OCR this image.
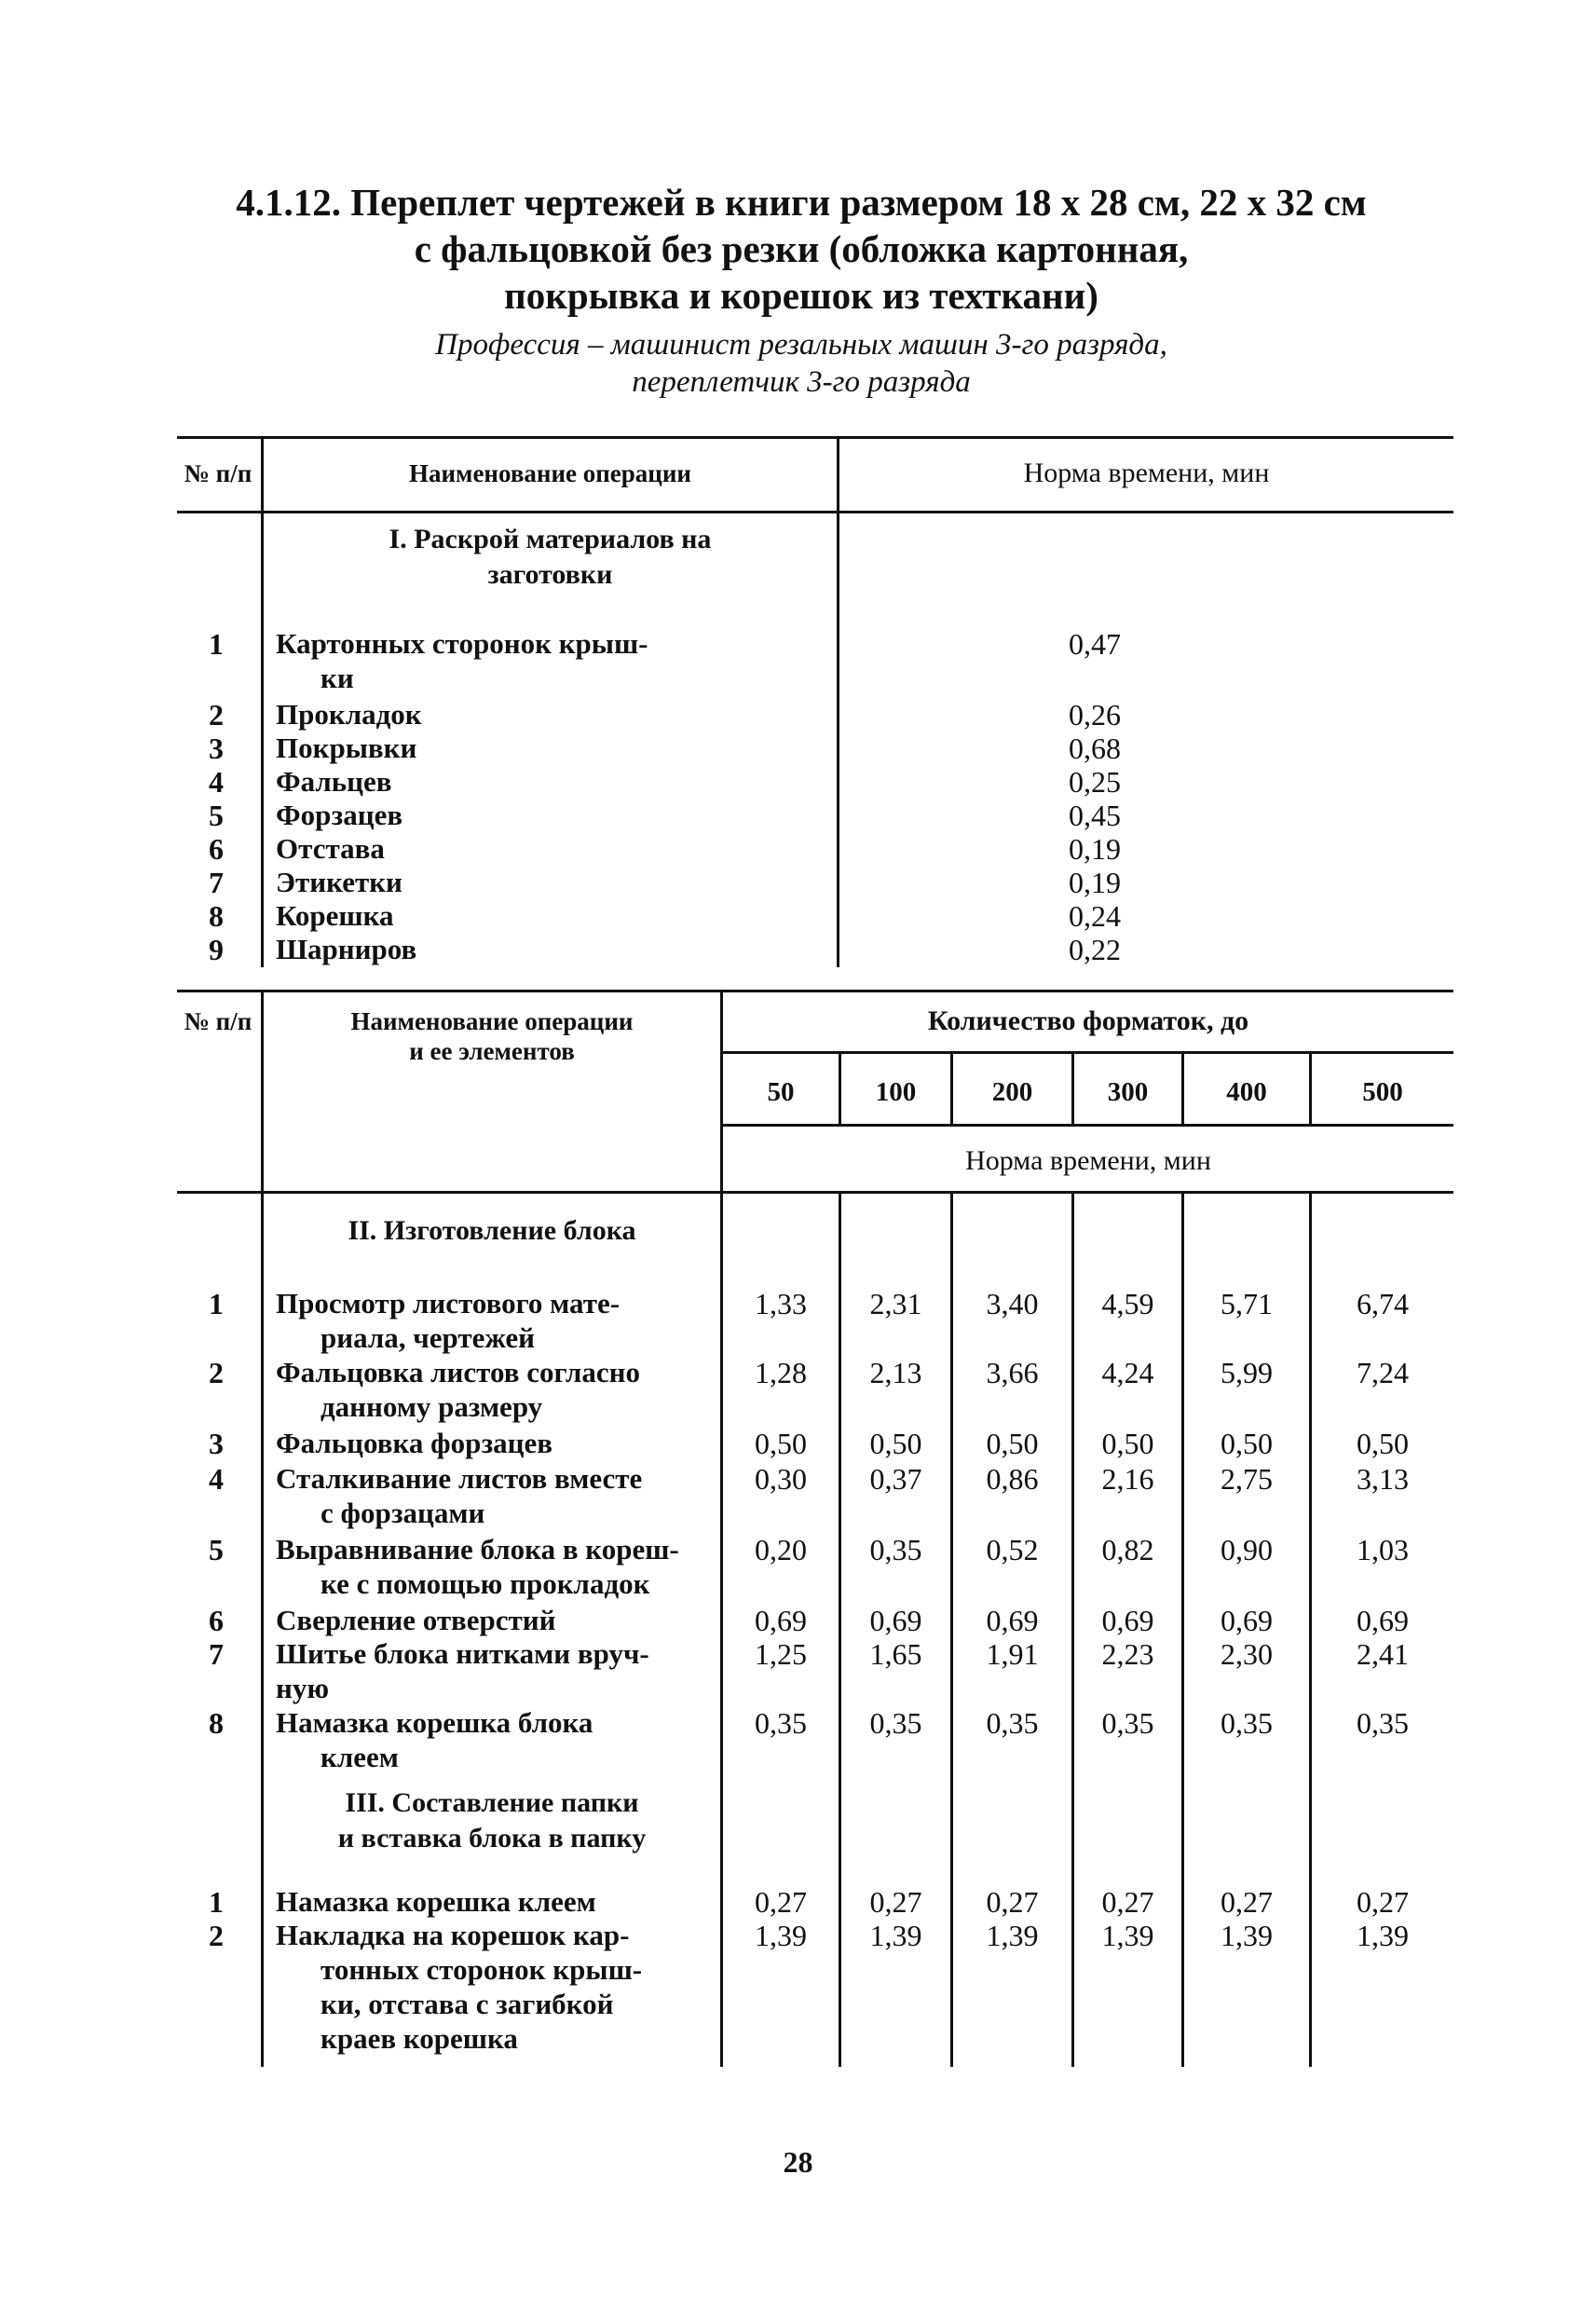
4.1.12. Переплет чертежей в книги размером 18 х 28 см, 22 х 32 см
с фальцовкой без резки (обложка картонная,
покрывка и корешок из техткани)
Профессия – машинист резальных машин 3-го разряда,
переплетчик 3-го разряда
№ п/п	Наименование операции	Норма времени, мин
I. Раскрой материалов на
заготовки
1	Картонных сторонок крыш-
ки
0,47
2	Прокладок	0,26
3	Покрывки	0,68
4	Фальцев	0,25
5	Форзацев	0,45
6	Отстава	0,19
7	Этикетки	0,19
8	Корешка	0,24
9	Шарниров	0,22
№ п/п	Наименование операции
и ее элементов
Количество форматок, до
50	100	200	300	400	500
Норма времени, мин
II. Изготовление блока
1	Просмотр листового мате-
риала, чертежей
1,33	2,31	3,40	4,59	5,71	6,74
2	Фальцовка листов согласно
данному размеру
1,28	2,13	3,66	4,24	5,99	7,24
3	Фальцовка форзацев	0,50	0,50	0,50	0,50	0,50	0,50
4	Сталкивание листов вместе
с форзацами
0,30	0,37	0,86	2,16	2,75	3,13
5	Выравнивание блока в кореш-
ке с помощью прокладок
0,20	0,35	0,52	0,82	0,90	1,03
6	Сверление отверстий	0,69	0,69	0,69	0,69	0,69	0,69
7	Шитье блока нитками вруч-
ную
1,25	1,65	1,91	2,23	2,30	2,41
8	Намазка корешка блока
клеем
0,35	0,35	0,35	0,35	0,35	0,35
III. Составление папки
и вставка блока в папку
1	Намазка корешка клеем	0,27	0,27	0,27	0,27	0,27	0,27
2	Накладка на корешок кар-
тонных сторонок крыш-
ки, отстава с загибкой
краев корешка
1,39	1,39	1,39	1,39	1,39	1,39
28
